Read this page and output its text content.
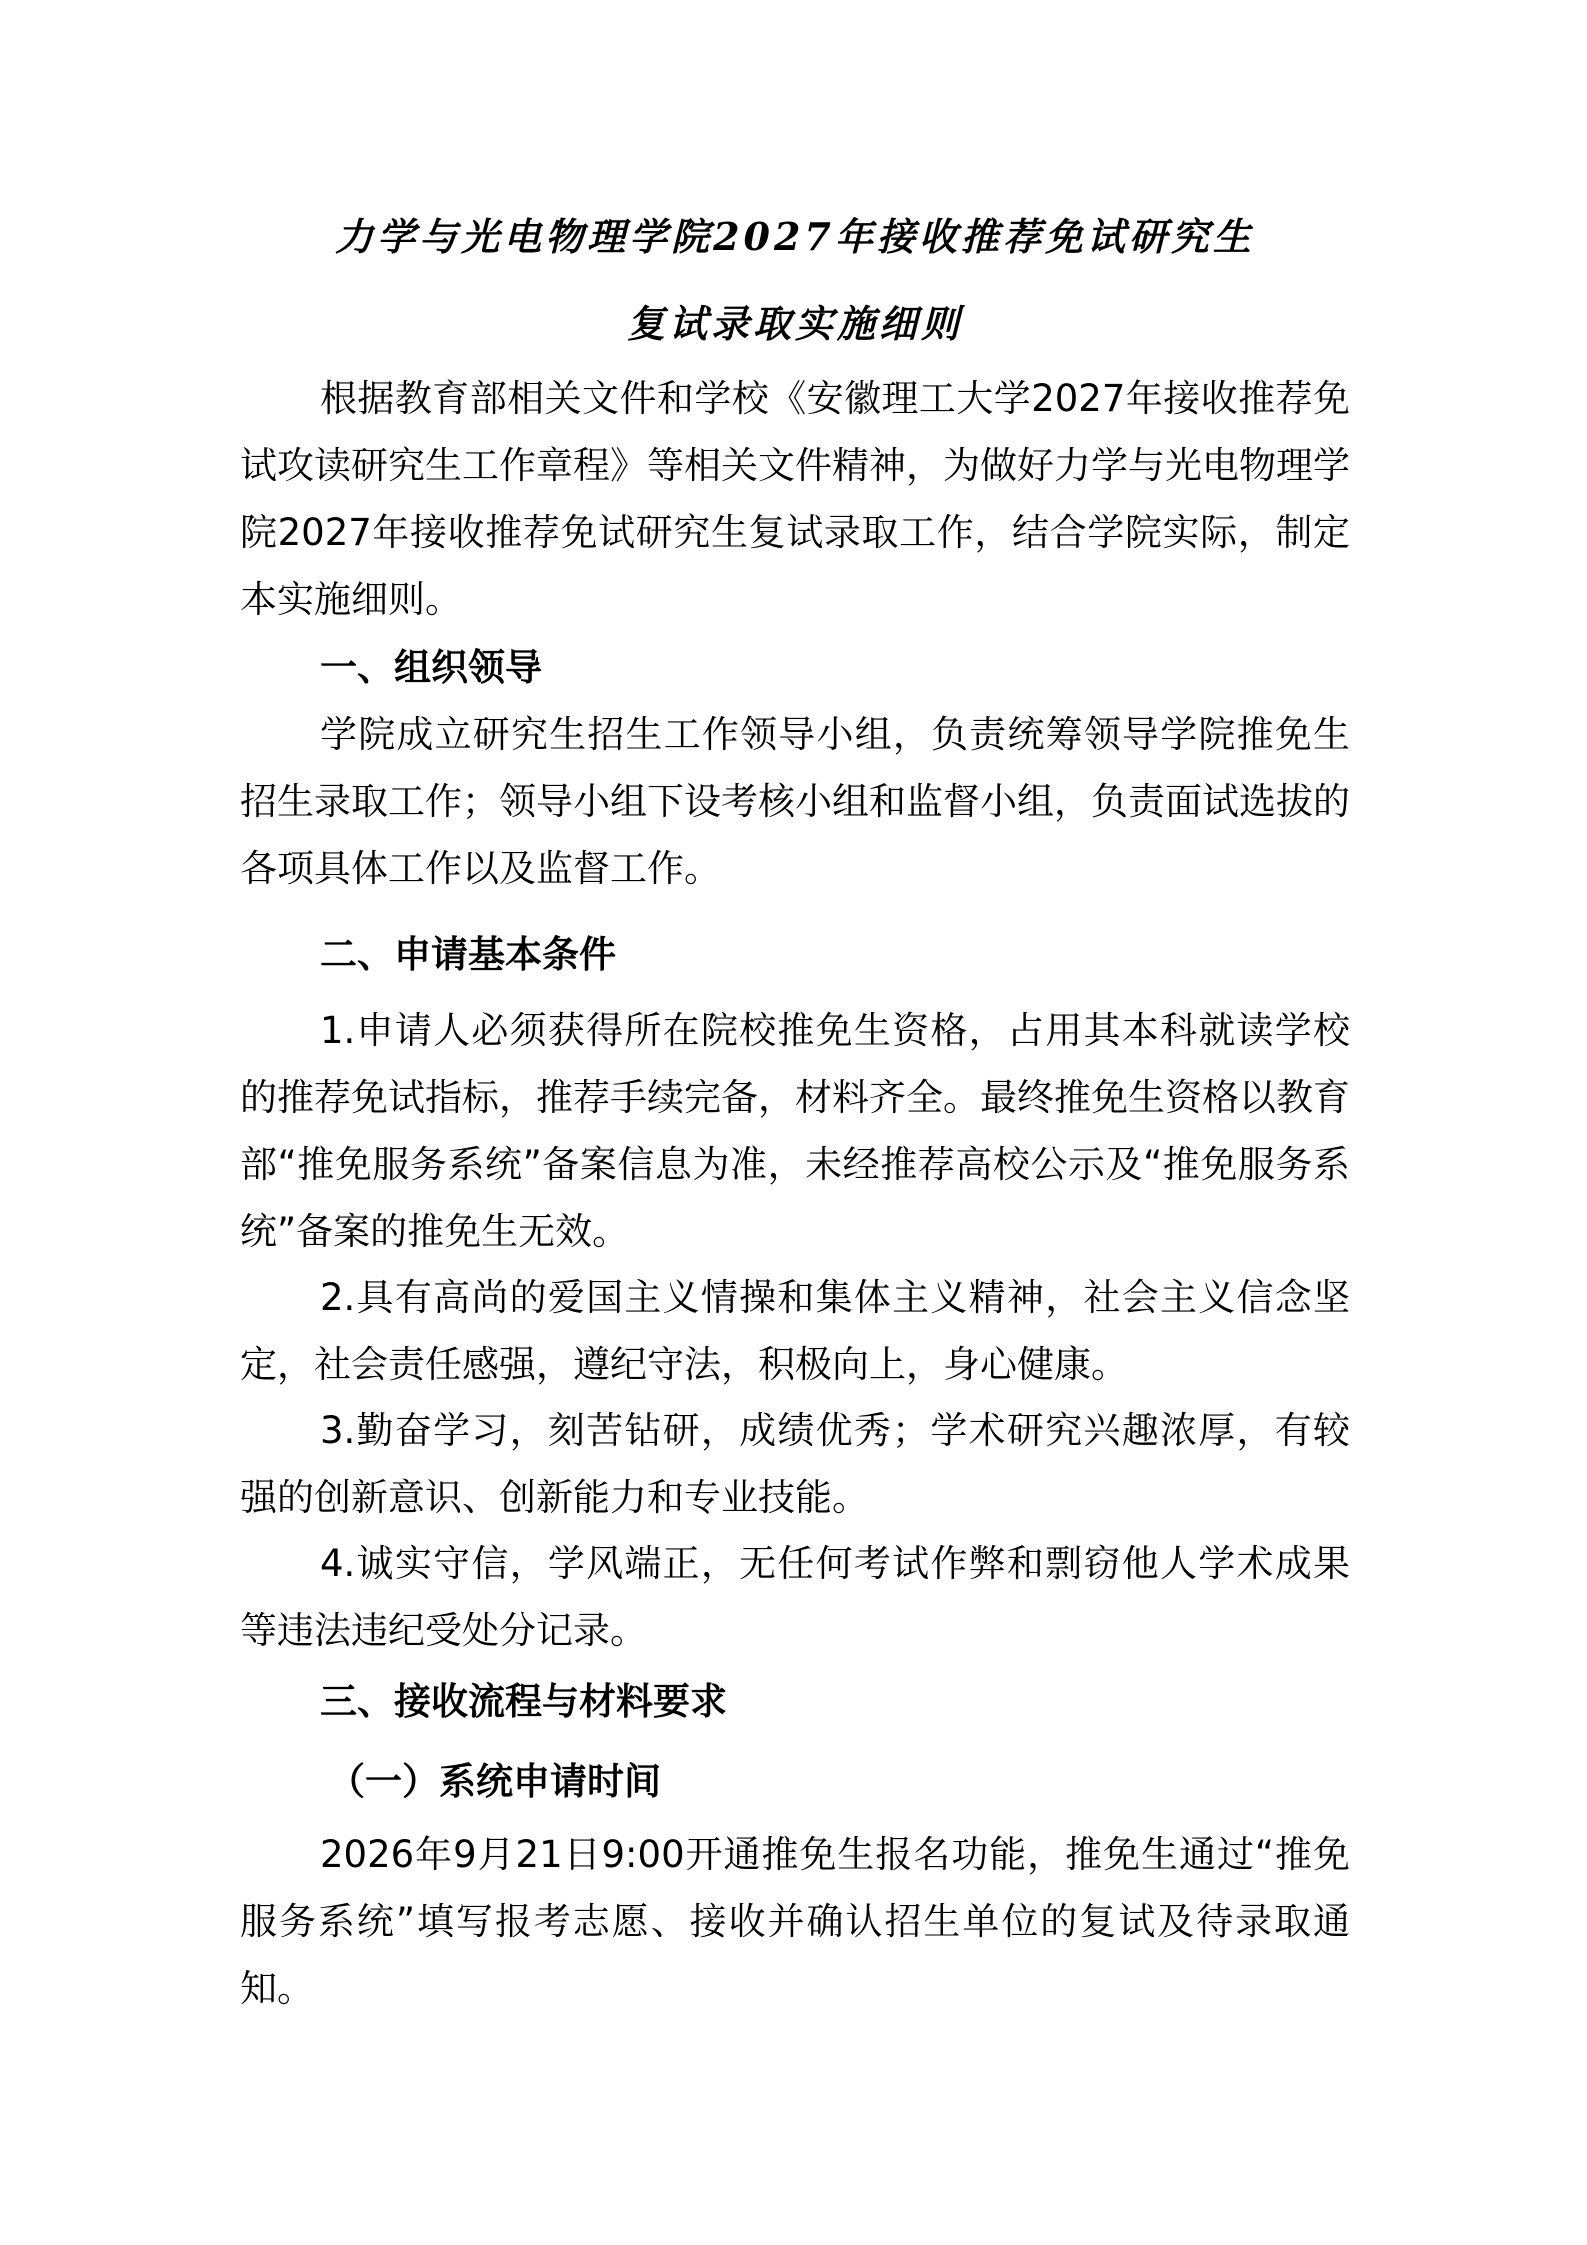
力学与光电物理学院2027年接收推荐免试研究生
复试录取实施细则

根据教育部相关文件和学校《安徽理工大学2027年接收推荐免试攻读研究生工作章程》等相关文件精神，为做好力学与光电物理学院2027年接收推荐免试研究生复试录取工作，结合学院实际，制定本实施细则。

一、组织领导

学院成立研究生招生工作领导小组，负责统筹领导学院推免生招生录取工作；领导小组下设考核小组和监督小组，负责面试选拔的各项具体工作以及监督工作。

二、申请基本条件

1.申请人必须获得所在院校推免生资格，占用其本科就读学校的推荐免试指标，推荐手续完备，材料齐全。最终推免生资格以教育部“推免服务系统”备案信息为准，未经推荐高校公示及“推免服务系统”备案的推免生无效。

2.具有高尚的爱国主义情操和集体主义精神，社会主义信念坚定，社会责任感强，遵纪守法，积极向上，身心健康。

3.勤奋学习，刻苦钻研，成绩优秀；学术研究兴趣浓厚，有较强的创新意识、创新能力和专业技能。

4.诚实守信，学风端正，无任何考试作弊和剽窃他人学术成果等违法违纪受处分记录。

三、接收流程与材料要求

（一）系统申请时间

2026年9月21日9:00开通推免生报名功能，推免生通过“推免服务系统”填写报考志愿、接收并确认招生单位的复试及待录取通知。
